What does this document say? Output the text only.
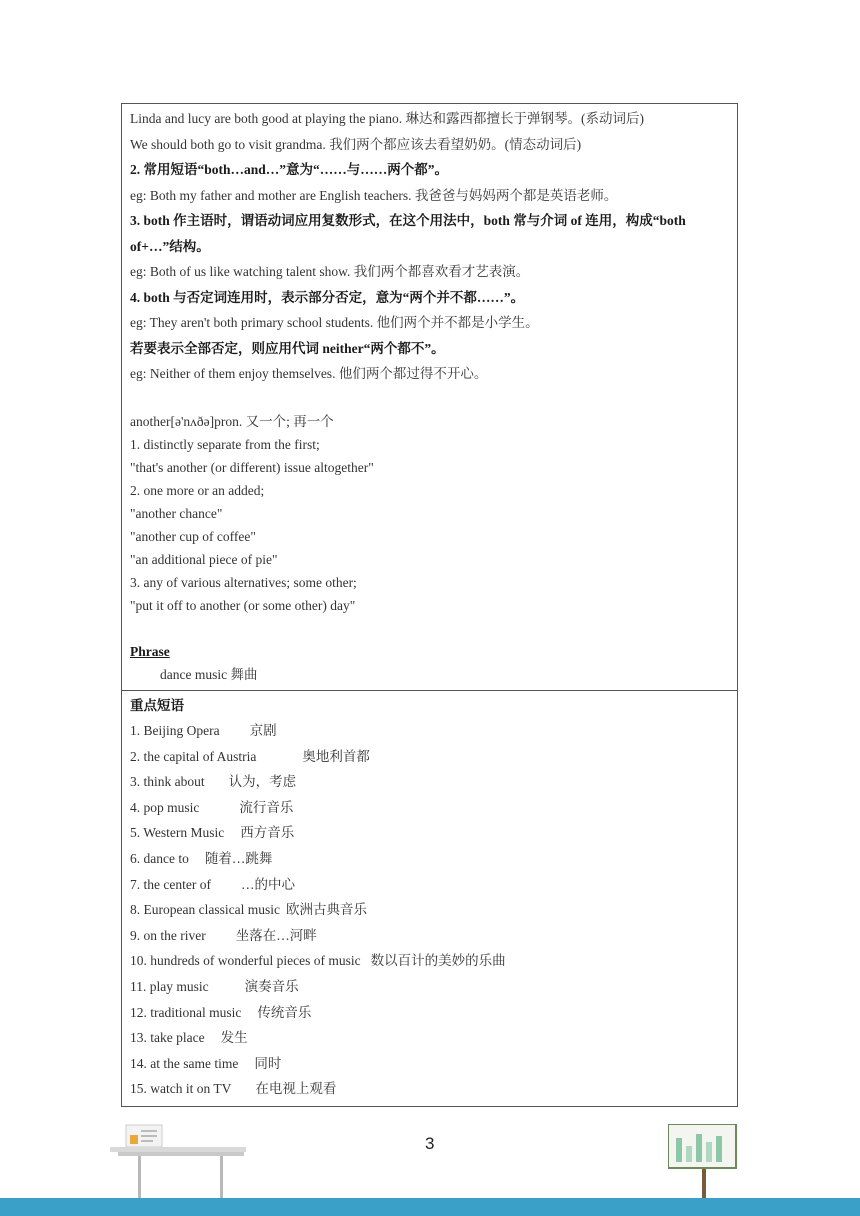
Linda and lucy are both good at playing the piano. 琳达和露西都擅长于弹钢琴。(系动词后)
We should both go to visit grandma. 我们两个都应该去看望奶奶。(情态动词后)
2. 常用短语“both…and…”意为“……与……两个都”。
eg: Both my father and mother are English teachers. 我爸爸与妈妈两个都是英语老师。
3. both 作主语时，谓语动词应用复数形式，在这个用法中，both 常与介词 of 连用，构成“both of+…”结构。
eg: Both of us like watching talent show. 我们两个都喜欢看才艺表演。
4. both 与否定词连用时，表示部分否定，意为“两个并不都……”。
eg: They aren't both primary school students. 他们两个并不都是小学生。
若要表示全部否定，则应用代词 neither“两个都不”。
eg: Neither of them enjoy themselves. 他们两个都过得不开心。
another[ə'nʌðə]pron. 又一个; 再一个
1. distinctly separate from the first;
"that's another (or different) issue altogether"
2. one more or an added;
"another chance"
"another cup of coffee"
"an additional piece of pie"
3. any of various alternatives; some other;
"put it off to another (or some other) day"
Phrase
dance music 舞曲
重点短语
1. Beijing Opera 京剧
2. the capital of Austria	奥地利首都
3. think about 认为，考虑
4. pop music	流行音乐
5. Western Music 西方音乐
6. dance to 随着…跳舞
7. the center of …的中心
8. European classical music 欧洲古典音乐
9. on the river 坐落在…河畔
10. hundreds of wonderful pieces of music 数以百计的美妙的乐曲
11. play music	演奏音乐
12. traditional music 传统音乐
13. take place 发生
14. at the same time 同时
15. watch it on TV 在电视上观看
3
